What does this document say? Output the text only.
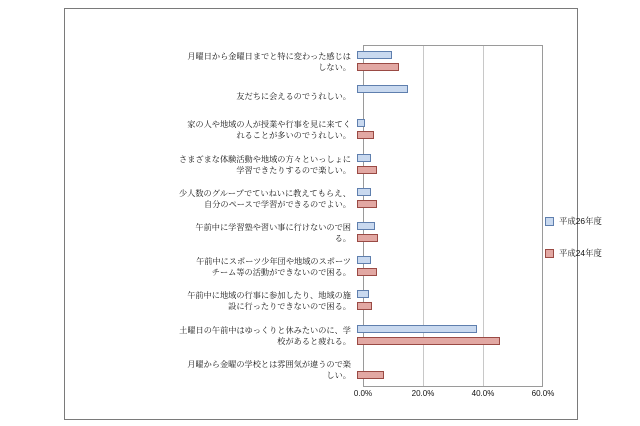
月曜日から金曜日までと特に変わった感じは
しない。
友だちに会えるのでうれしい。
家の人や地域の人が授業や行事を見に来てく
れることが多いのでうれしい。
さまざまな体験活動や地域の方々といっしょに
学習できたりするので楽しい。
少人数のグループでていねいに教えてもらえ、
自分のペースで学習ができるのでよい。
午前中に学習塾や習い事に行けないので困
る。
午前中にスポーツ少年団や地域のスポーツ
チーム等の活動ができないので困る。
午前中に地域の行事に参加したり、地域の施
設に行ったりできないので困る。
土曜日の午前中はゆっくりと休みたいのに、学
校があると疲れる。
月曜から金曜の学校とは雰囲気が違うので楽
しい。
0.0%	20.0%	40.0%	60.0%
平成26年度
平成24年度
